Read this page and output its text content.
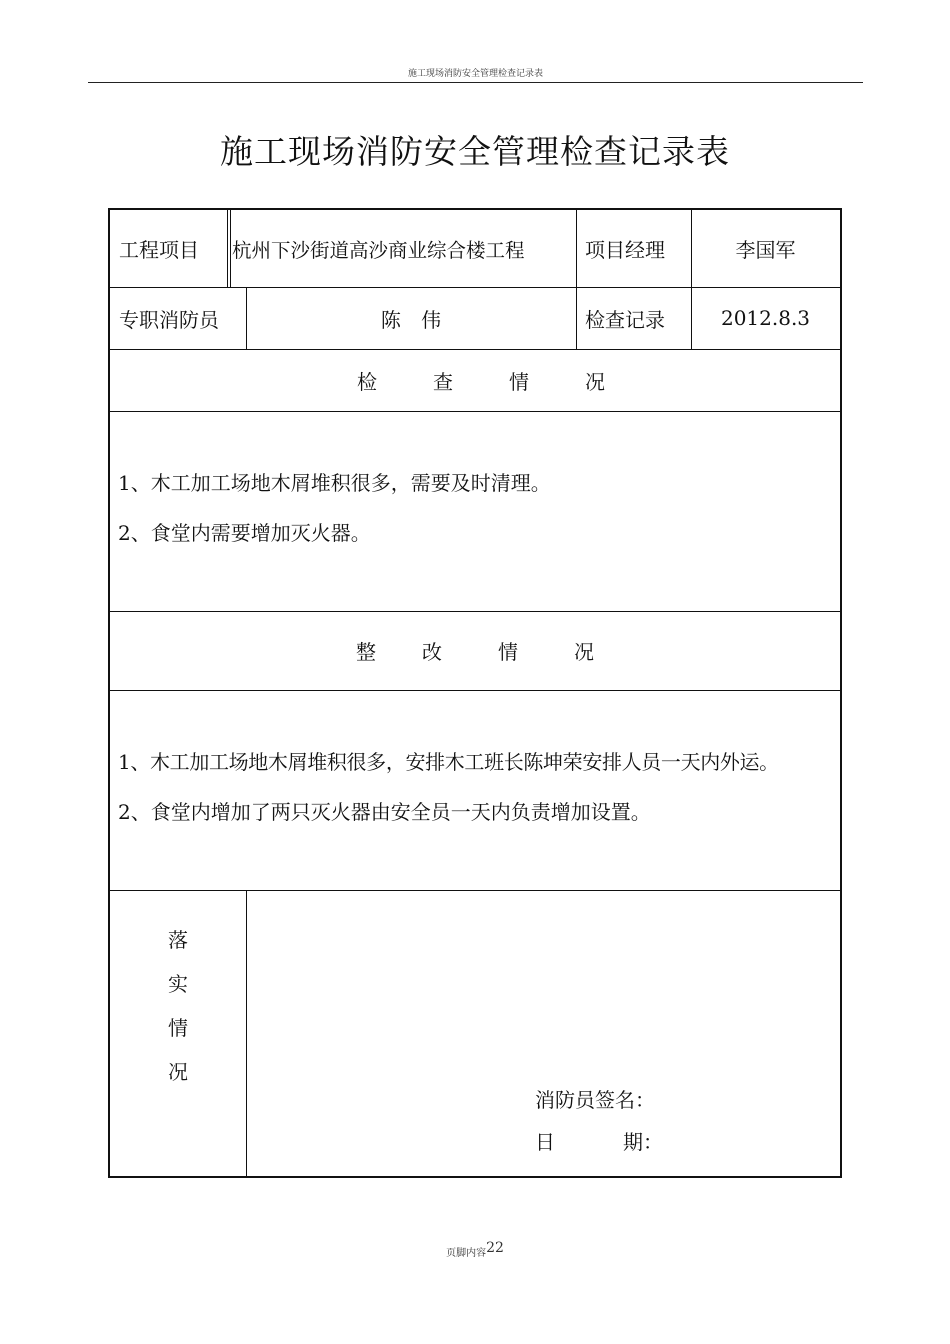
施工现场消防安全管理检查记录表
施工现场消防安全管理检查记录表
工程项目	杭州下沙街道高沙商业综合楼工程	项目经理	李国军
专职消防员	陈 伟	检查记录	2012.8.3
检	查	情	况
1、木工加工场地木屑堆积很多，需要及时清理。
2、食堂内需要增加灭火器。
整 改	情	况
1、木工加工场地木屑堆积很多，安排木工班长陈坤荣安排人员一天内外运。
2、食堂内增加了两只灭火器由安全员一天内负责增加设置。
落
实
情
况
消防员签名：
日	期：
页脚内容22
